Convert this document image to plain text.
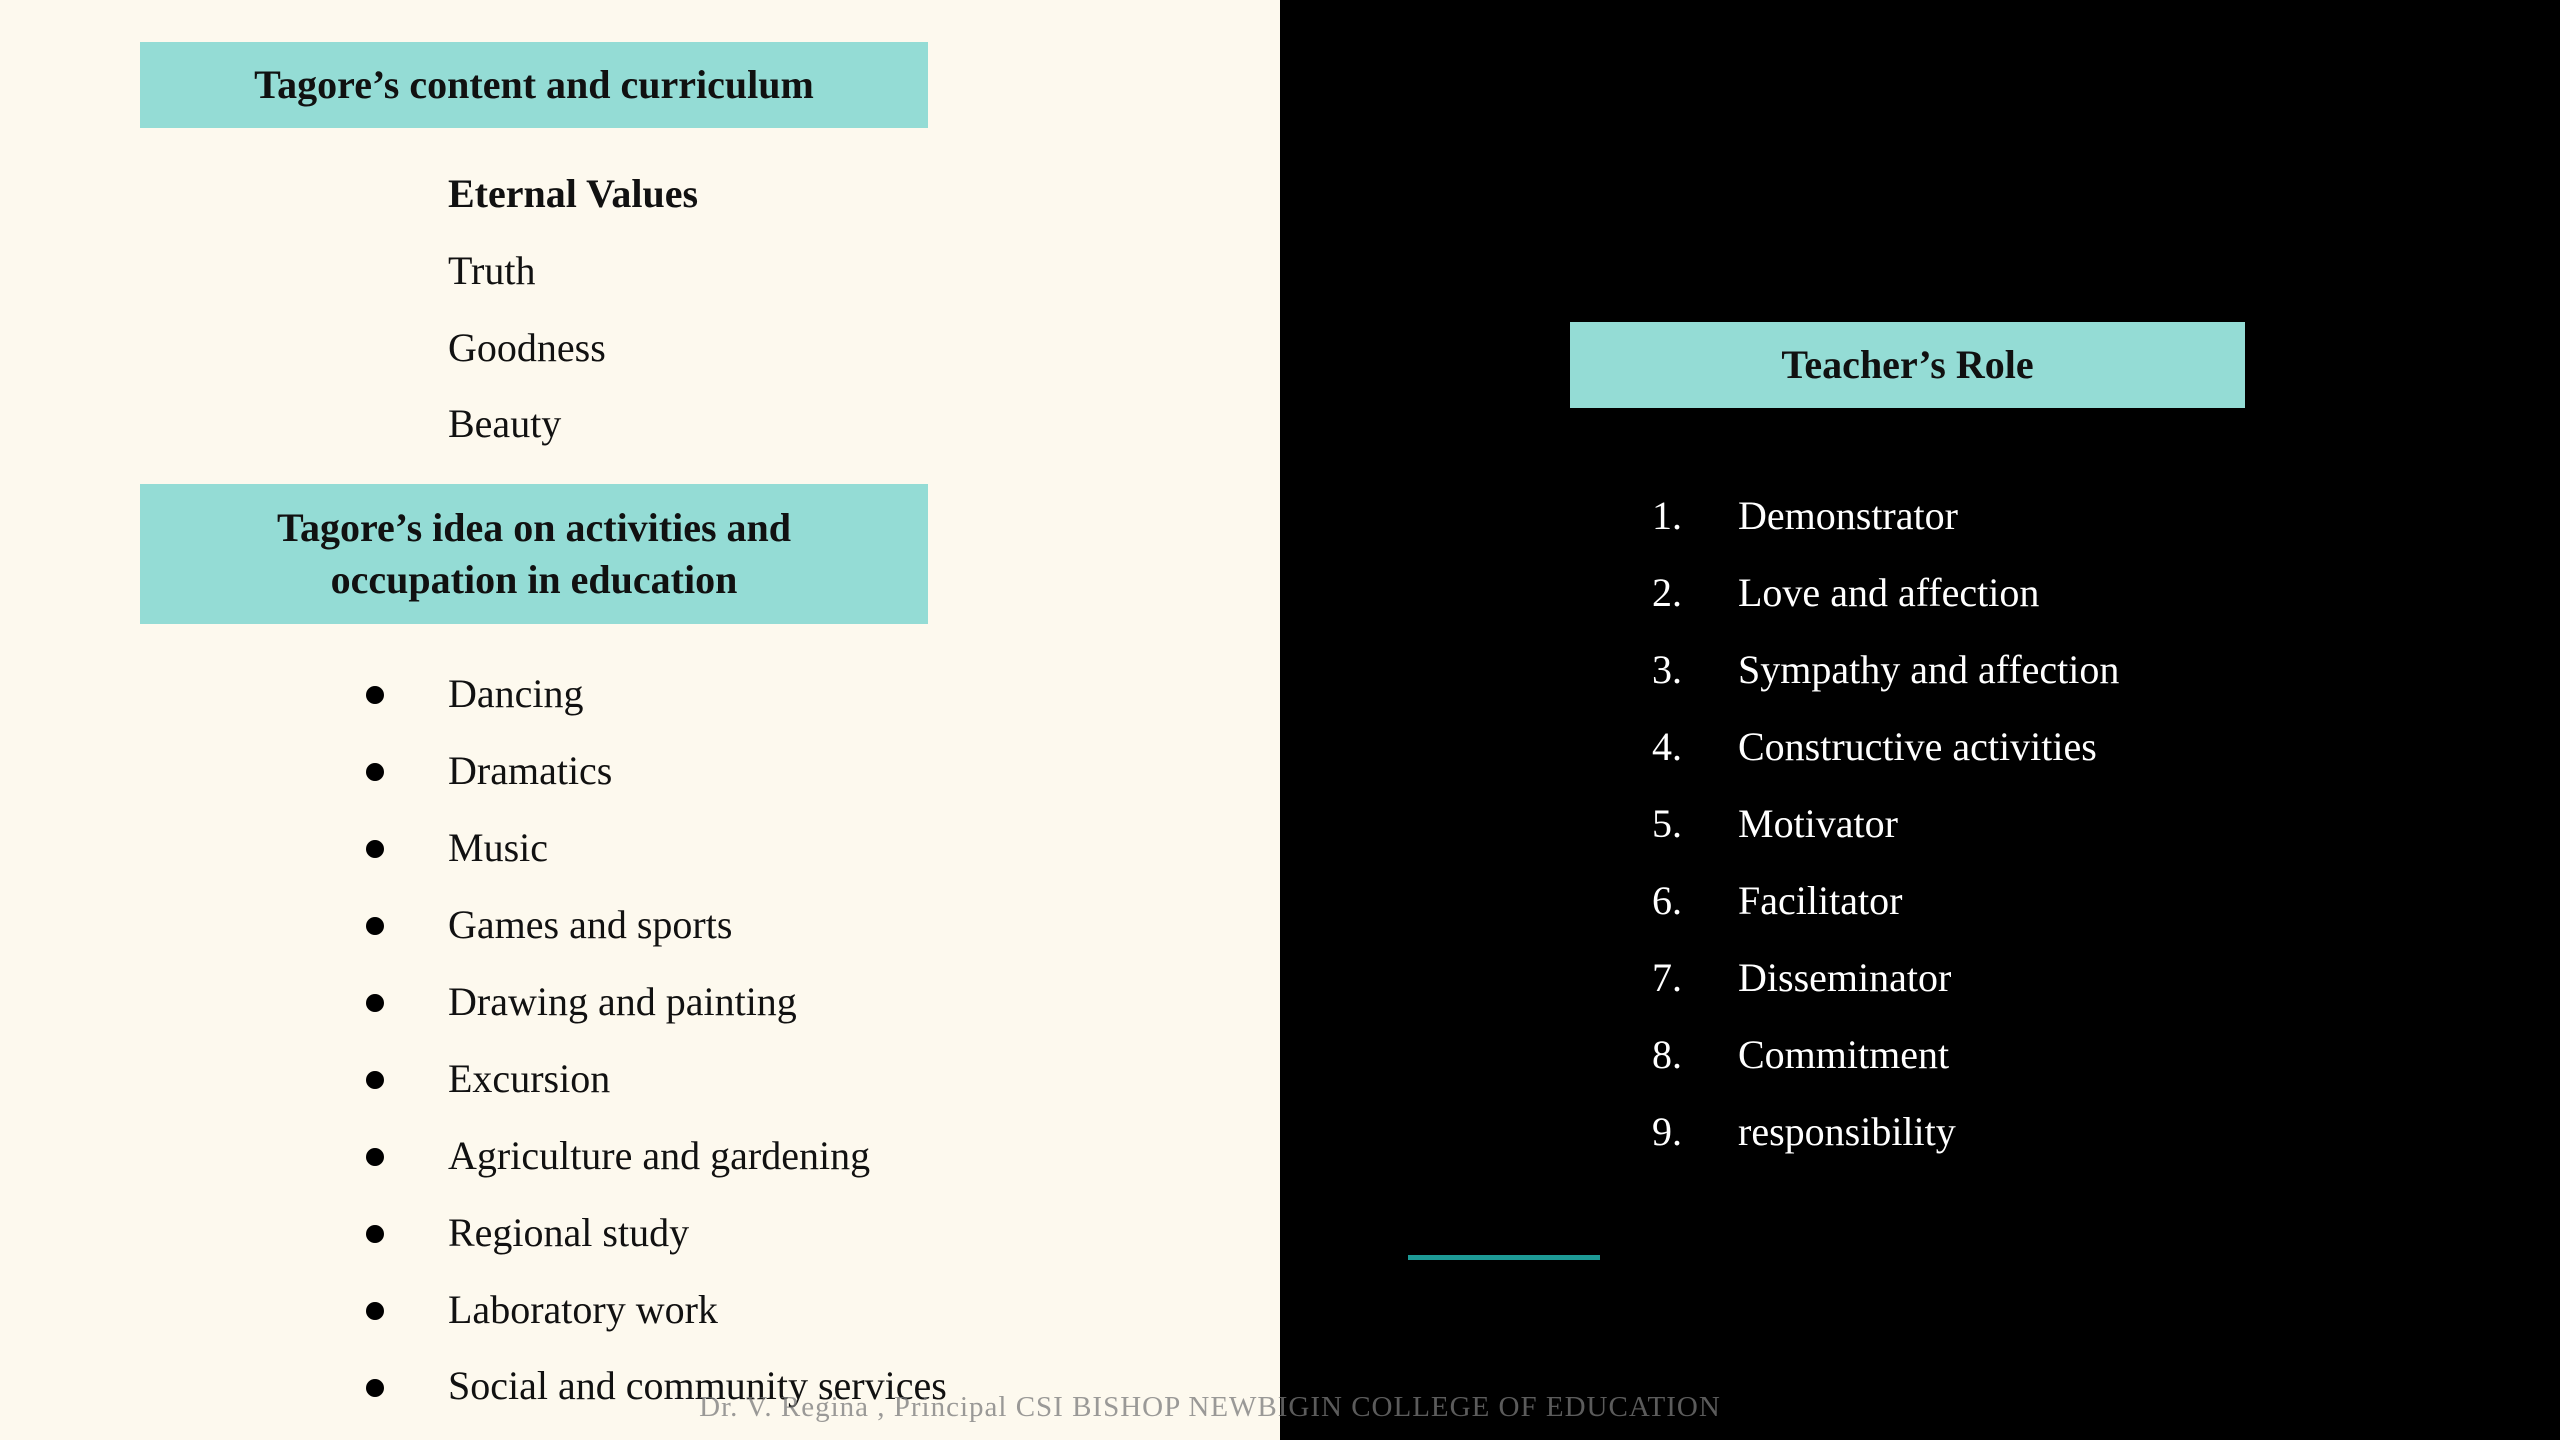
Tagore’s content and curriculum
Eternal Values
Truth
Goodness
Beauty
Tagore’s idea on activities and
occupation in education
Dancing
Dramatics
Music
Games and sports
Drawing and painting
Excursion
Agriculture and gardening
Regional study
Laboratory work
Social and community services
Teacher’s Role
1. Demonstrator
2. Love and affection
3. Sympathy and affection
4. Constructive activities
5. Motivator
6. Facilitator
7. Disseminator
8. Commitment
9. responsibility
Dr. V. Regina , Principal CSI BISHOP NEWBIGIN COLLEGE OF EDUCATION
